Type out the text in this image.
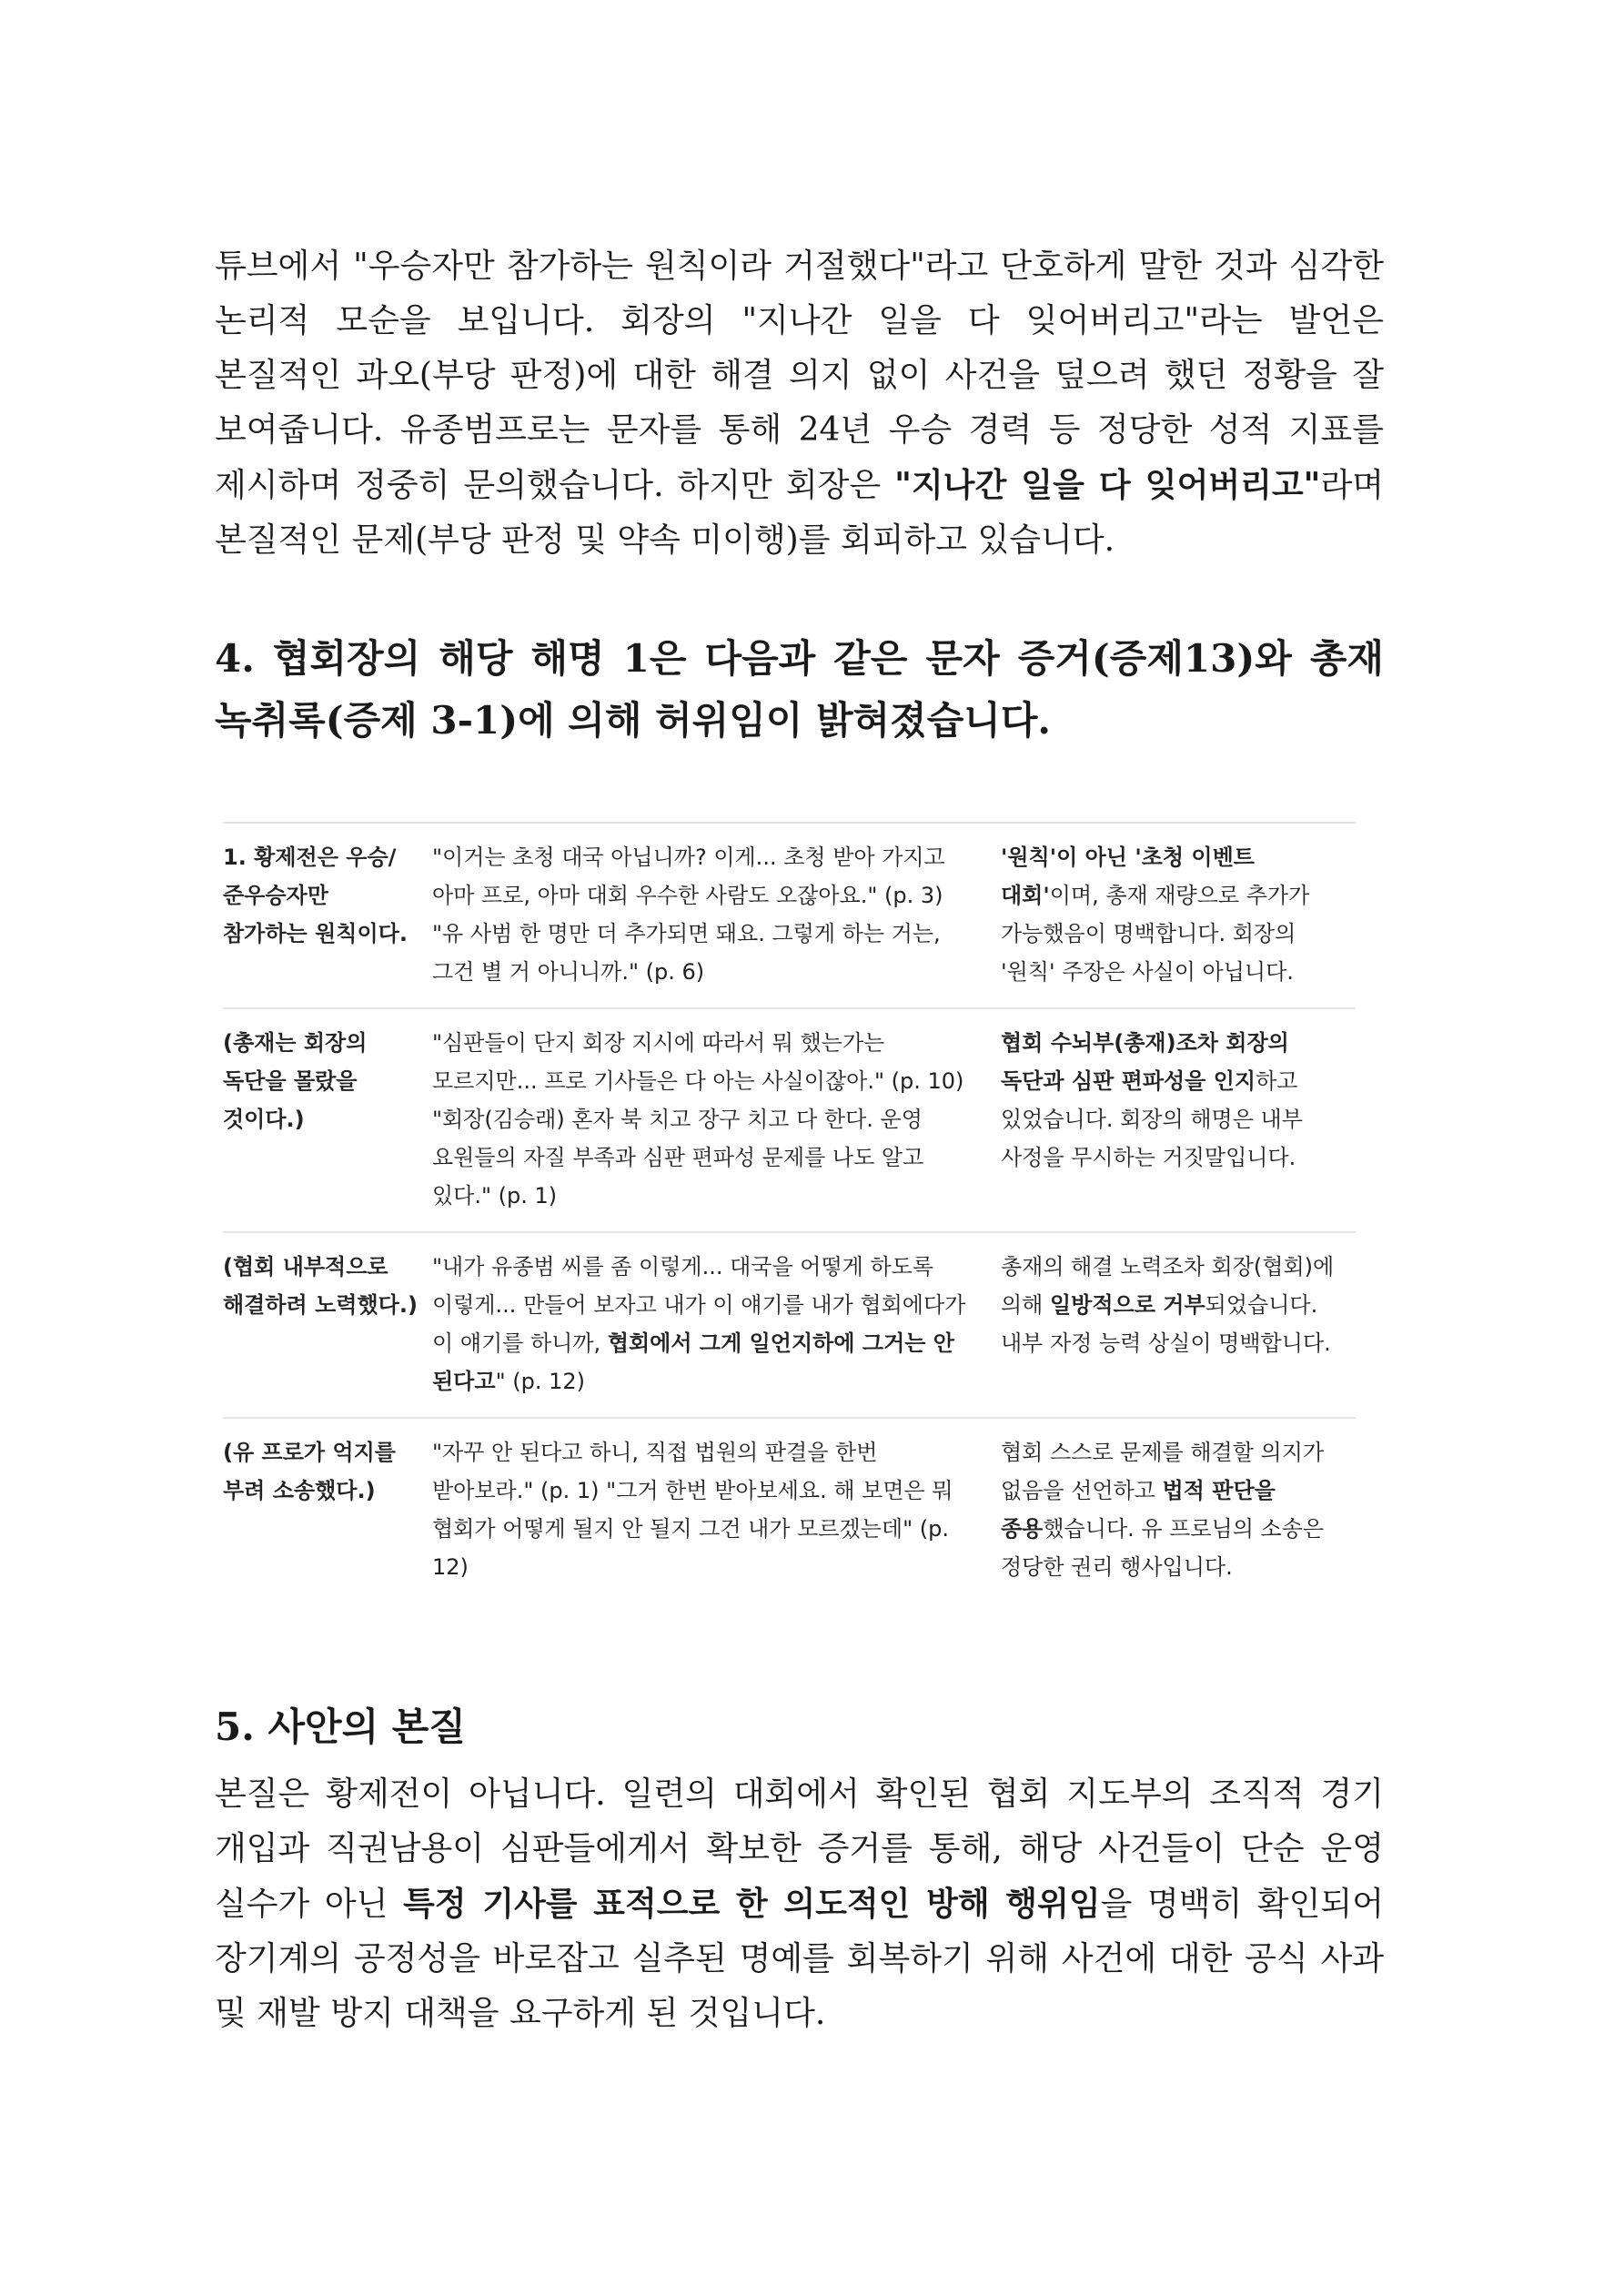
튜브에서 "우승자만 참가하는 원칙이라 거절했다"라고 단호하게 말한 것과 심각한 논리적 모순을 보입니다. 회장의 "지나간 일을 다 잊어버리고"라는 발언은 본질적인 과오(부당 판정)에 대한 해결 의지 없이 사건을 덮으려 했던 정황을 잘 보여줍니다. 유종범프로는 문자를 통해 24년 우승 경력 등 정당한 성적 지표를 제시하며 정중히 문의했습니다. 하지만 회장은 "지나간 일을 다 잊어버리고"라며 본질적인 문제(부당 판정 및 약속 미이행)를 회피하고 있습니다.
4. 협회장의 해당 해명 1은 다음과 같은 문자 증거(증제13)와 총재 녹취록(증제 3-1)에 의해 허위임이 밝혀졌습니다.
1. 황제전은 우승/준우승자만 참가하는 원칙이다.
"이거는 초청 대국 아닙니까? 이게... 초청 받아 가지고 아마 프로, 아마 대회 우수한 사람도 오잖아요." (p. 3) "유 사범 한 명만 더 추가되면 돼요. 그렇게 하는 거는, 그건 별 거 아니니까." (p. 6)
'원칙'이 아닌 '초청 이벤트 대회'이며, 총재 재량으로 추가가 가능했음이 명백합니다. 회장의 '원칙' 주장은 사실이 아닙니다.
(총재는 회장의 독단을 몰랐을 것이다.)
"심판들이 단지 회장 지시에 따라서 뭐 했는가는 모르지만... 프로 기사들은 다 아는 사실이잖아." (p. 10) "회장(김승래) 혼자 북 치고 장구 치고 다 한다. 운영 요원들의 자질 부족과 심판 편파성 문제를 나도 알고 있다." (p. 1)
협회 수뇌부(총재)조차 회장의 독단과 심판 편파성을 인지하고 있었습니다. 회장의 해명은 내부 사정을 무시하는 거짓말입니다.
(협회 내부적으로 해결하려 노력했다.)
"내가 유종범 씨를 좀 이렇게... 대국을 어떻게 하도록 이렇게... 만들어 보자고 내가 이 얘기를 내가 협회에다가 이 얘기를 하니까, 협회에서 그게 일언지하에 그거는 안 된다고" (p. 12)
총재의 해결 노력조차 회장(협회)에 의해 일방적으로 거부되었습니다. 내부 자정 능력 상실이 명백합니다.
(유 프로가 억지를 부려 소송했다.)
"자꾸 안 된다고 하니, 직접 법원의 판결을 한번 받아보라." (p. 1) "그거 한번 받아보세요. 해 보면은 뭐 협회가 어떻게 될지 안 될지 그건 내가 모르겠는데" (p. 12)
협회 스스로 문제를 해결할 의지가 없음을 선언하고 법적 판단을 종용했습니다. 유 프로님의 소송은 정당한 권리 행사입니다.
5. 사안의 본질
본질은 황제전이 아닙니다. 일련의 대회에서 확인된 협회 지도부의 조직적 경기 개입과 직권남용이 심판들에게서 확보한 증거를 통해, 해당 사건들이 단순 운영 실수가 아닌 특정 기사를 표적으로 한 의도적인 방해 행위임을 명백히 확인되어 장기계의 공정성을 바로잡고 실추된 명예를 회복하기 위해 사건에 대한 공식 사과 및 재발 방지 대책을 요구하게 된 것입니다.
